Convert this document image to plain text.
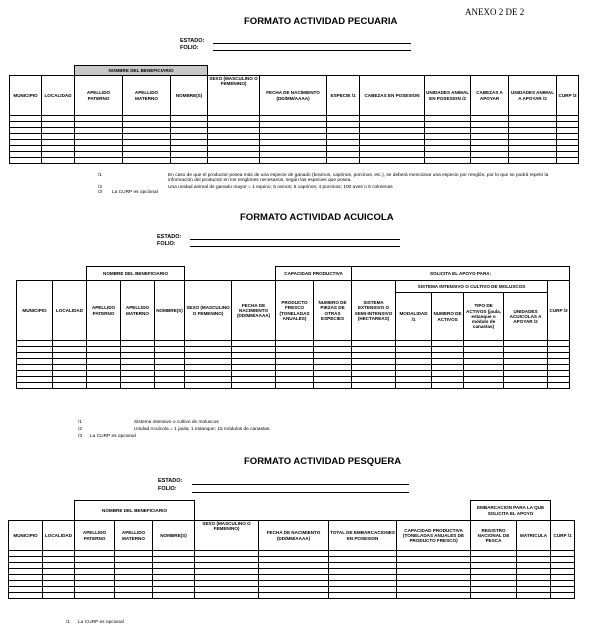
ANEXO 2 DE 2
FORMATO ACTIVIDAD PECUARIA
ESTADO:
FOLIO:
		NOMBRE DEL BENEFICIARIO										
MUNICIPIO	LOCALIDAD	APELLIDO PATERNO	APELLIDO MATERNO	NOMBRE(S)	SEXO (MASCULINO O FEMENINO)	FECHA DE NACIMIENTO (DD/MM/AAAA)	ESPECIE /1	CABEZAS EN POSESION	UNIDADES ANIMAL EN POSESION /2	CABEZAS A APOYAR	UNIDADES ANIMAL A APOYAR /2	CURP /3

/1	En caso de que el productor posea más de una especie de ganado (bovinos, caprinos, porcinos, etc.), se deberá mencionar una especie por renglón, por lo que se podrá repetir la
información del productor en los renglones necesarios, según las especies que posea.
/2	Una unidad animal de ganado mayor = 1 equino; 5 ovinos; 5 caprinos; 4 porcinos; 100 aves o 5 colmenas
/3 La CURP es opcional
FORMATO ACTIVIDAD ACUICOLA
ESTADO:
FOLIO:
		NOMBRE DEL BENEFICIARIO					CAPACIDAD PRODUCTIVA		SOLICITA EL APOYO PARA:					
MUNICIPIO	LOCALIDAD	APELLIDO PATERNO	APELLIDO MATERNO	NOMBRE(S)	SEXO (MASCULINO O FEMENINO)	FECHA DE NACIMIENTO (DD/MM/AAAA)	PRODUCTO FRESCO (TONELADAS ANUALES)	NUMERO DE PIEZAS DE OTRAS ESPECIES	SISTEMA EXTENSIVO O SEMI-INTENSIVO (HECTAREAS)	SISTEMA INTENSIVO O CULTIVO DE MOLUSCOS				CURP /3
										MODALIDAD /1	NUMERO DE ACTIVOS	TIPO DE ACTIVOS (jaula, estanque o módulo de canastas)	UNIDADES ACUICOLAS A APOYAR /2	

/1	Sistema intensivo o cultivo de moluscos
/2	Unidad Acuícola = 1 jaula; 1 estanque; 15 módulos de canastas.
/3 La CURP es opcional
FORMATO ACTIVIDAD PESQUERA
ESTADO:
FOLIO:
		NOMBRE DEL BENEFICIARIO							EMBARCACION PARA LA QUE SOLICITA EL APOYO		
MUNICIPIO	LOCALIDAD	APELLIDO PATERNO	APELLIDO MATERNO	NOMBRE(S)	SEXO (MASCULINO O FEMENINO)	FECHA DE NACIMIENTO (DD/MM/AAAA)	TOTAL DE EMBARCACIONES EN POSESION	CAPACIDAD PRODUCTIVA (TONELADAS ANUALES DE PRODUCTO FRESCO)	REGISTRO NACIONAL DE PESCA	MATRICULA	CURP /1

/1 La CURP es opcional
